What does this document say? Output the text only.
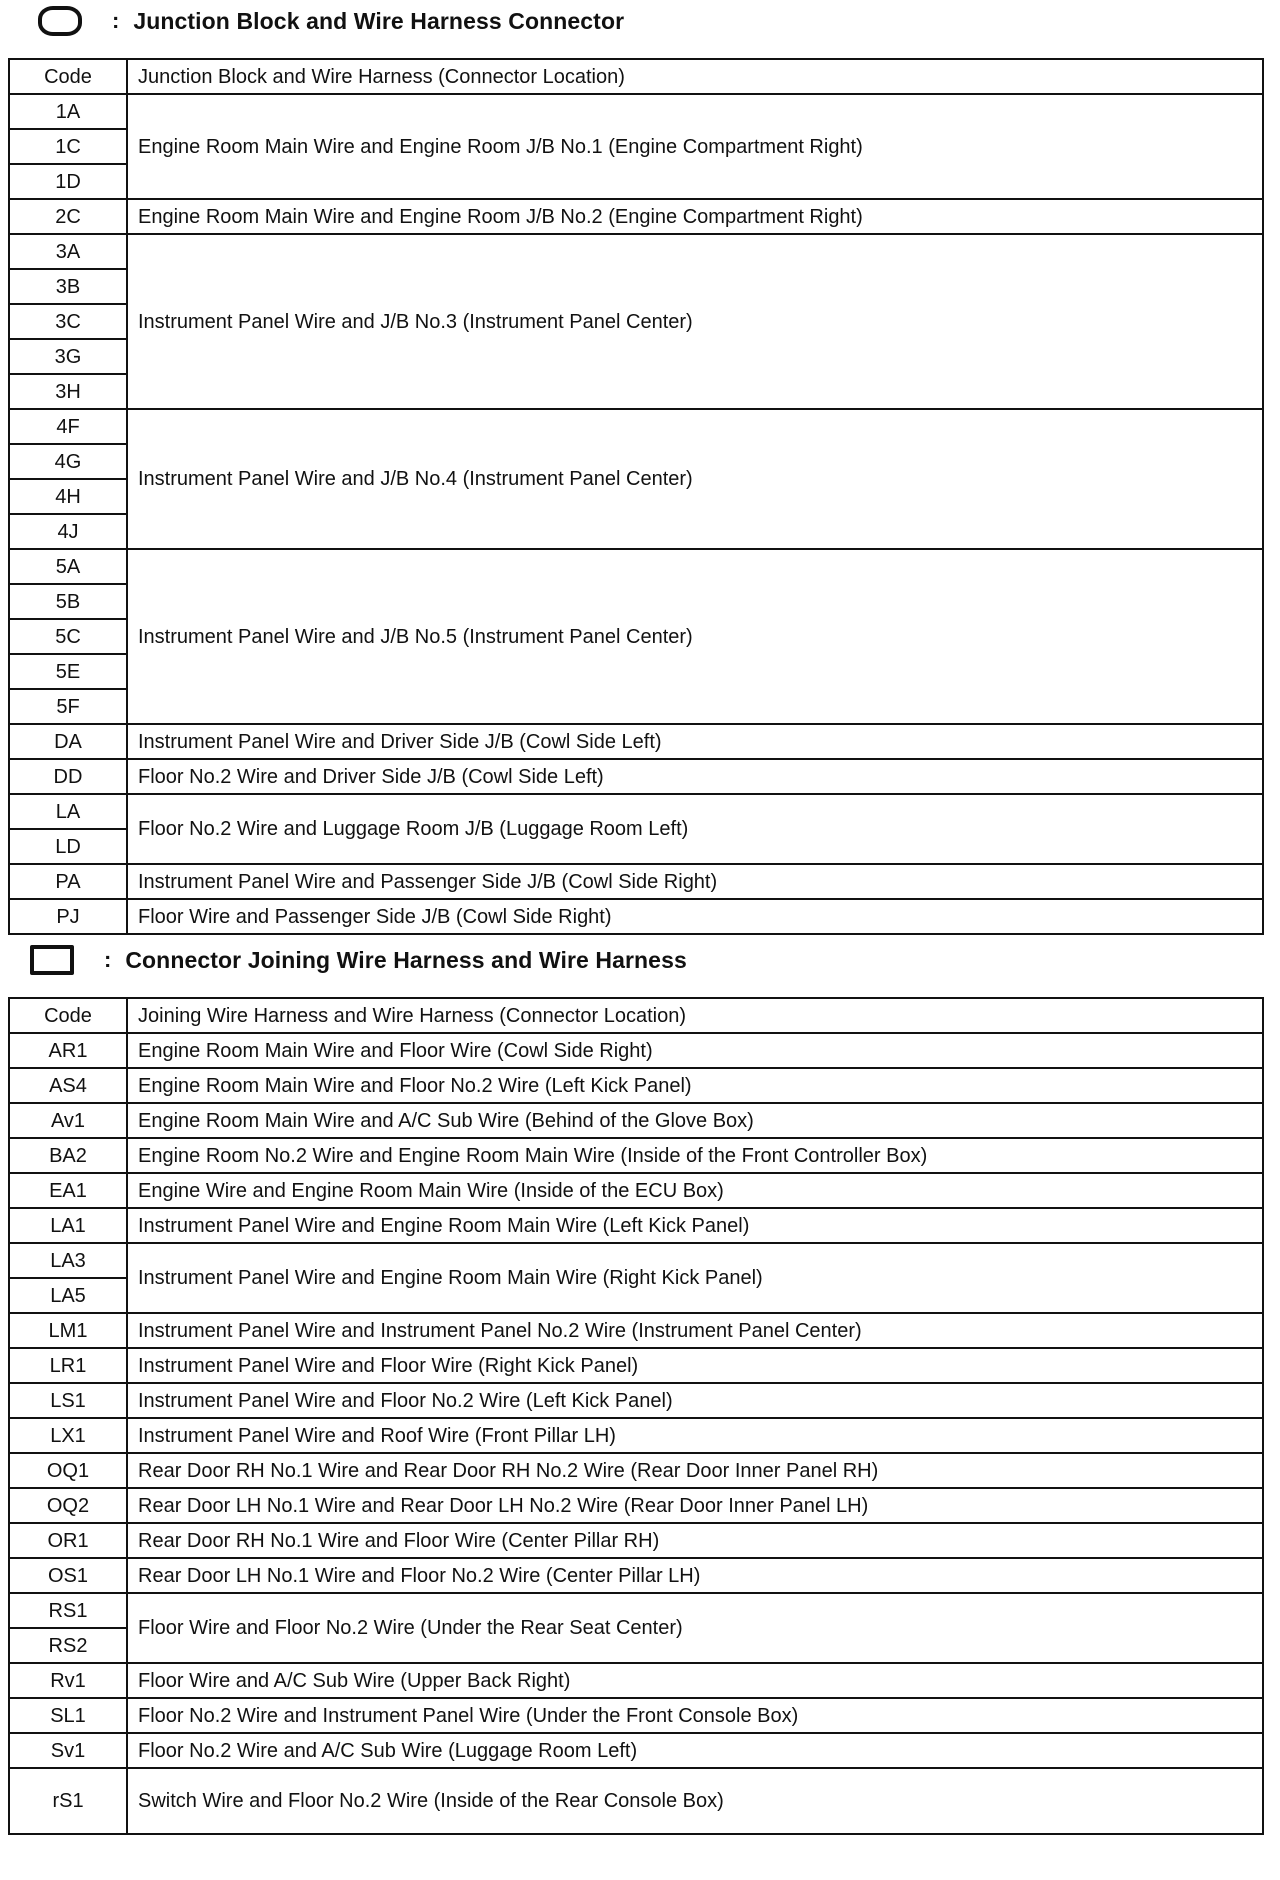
: Junction Block and Wire Harness Connector
Code	Junction Block and Wire Harness (Connector Location)
1A	Engine Room Main Wire and Engine Room J/B No.1 (Engine Compartment Right)
1C	
1D	
2C	Engine Room Main Wire and Engine Room J/B No.2 (Engine Compartment Right)
3A	Instrument Panel Wire and J/B No.3 (Instrument Panel Center)
3B	
3C	
3G	
3H	
4F	Instrument Panel Wire and J/B No.4 (Instrument Panel Center)
4G	
4H	
4J	
5A	Instrument Panel Wire and J/B No.5 (Instrument Panel Center)
5B	
5C	
5E	
5F	
DA	Instrument Panel Wire and Driver Side J/B (Cowl Side Left)
DD	Floor No.2 Wire and Driver Side J/B (Cowl Side Left)
LA	Floor No.2 Wire and Luggage Room J/B (Luggage Room Left)
LD	
PA	Instrument Panel Wire and Passenger Side J/B (Cowl Side Right)
PJ	Floor Wire and Passenger Side J/B (Cowl Side Right)
: Connector Joining Wire Harness and Wire Harness
Code	Joining Wire Harness and Wire Harness (Connector Location)
AR1	Engine Room Main Wire and Floor Wire (Cowl Side Right)
AS4	Engine Room Main Wire and Floor No.2 Wire (Left Kick Panel)
Av1	Engine Room Main Wire and A/C Sub Wire (Behind of the Glove Box)
BA2	Engine Room No.2 Wire and Engine Room Main Wire (Inside of the Front Controller Box)
EA1	Engine Wire and Engine Room Main Wire (Inside of the ECU Box)
LA1	Instrument Panel Wire and Engine Room Main Wire (Left Kick Panel)
LA3	Instrument Panel Wire and Engine Room Main Wire (Right Kick Panel)
LA5	
LM1	Instrument Panel Wire and Instrument Panel No.2 Wire (Instrument Panel Center)
LR1	Instrument Panel Wire and Floor Wire (Right Kick Panel)
LS1	Instrument Panel Wire and Floor No.2 Wire (Left Kick Panel)
LX1	Instrument Panel Wire and Roof Wire (Front Pillar LH)
OQ1	Rear Door RH No.1 Wire and Rear Door RH No.2 Wire (Rear Door Inner Panel RH)
OQ2	Rear Door LH No.1 Wire and Rear Door LH No.2 Wire (Rear Door Inner Panel LH)
OR1	Rear Door RH No.1 Wire and Floor Wire (Center Pillar RH)
OS1	Rear Door LH No.1 Wire and Floor No.2 Wire (Center Pillar LH)
RS1	Floor Wire and Floor No.2 Wire (Under the Rear Seat Center)
RS2	
Rv1	Floor Wire and A/C Sub Wire (Upper Back Right)
SL1	Floor No.2 Wire and Instrument Panel Wire (Under the Front Console Box)
Sv1	Floor No.2 Wire and A/C Sub Wire (Luggage Room Left)
rS1	Switch Wire and Floor No.2 Wire (Inside of the Rear Console Box)
